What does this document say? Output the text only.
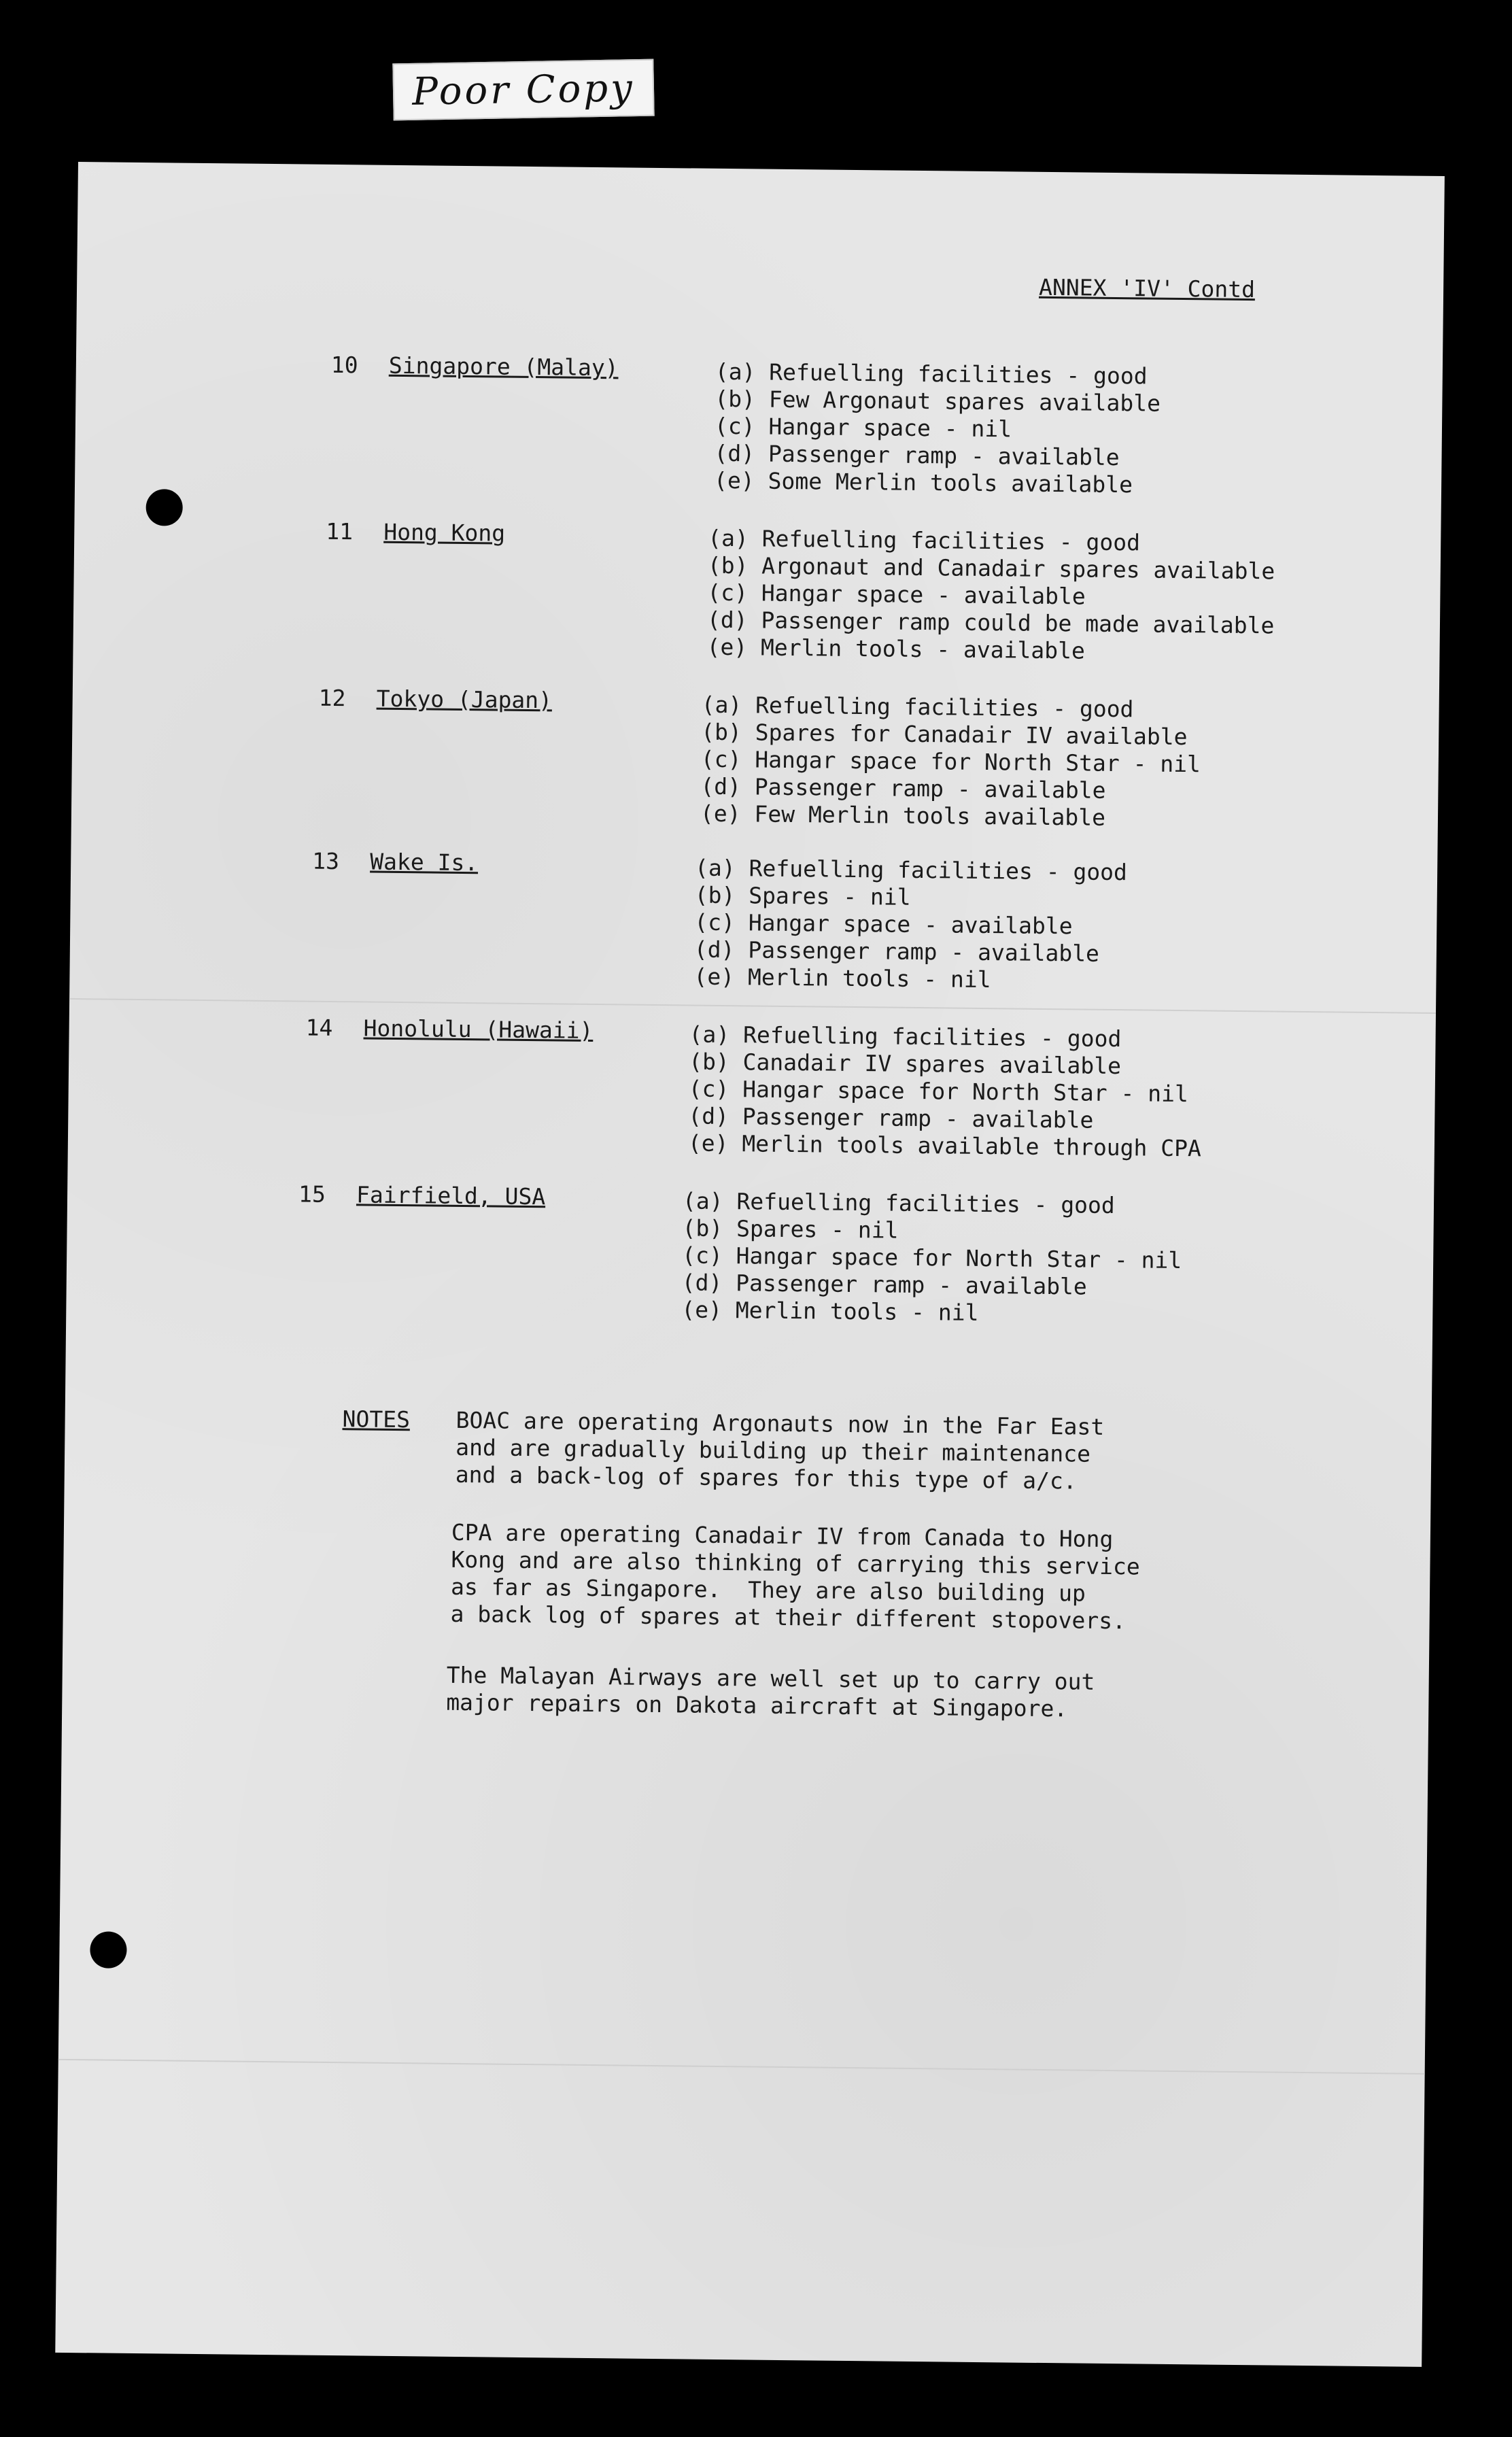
Poor Copy
ANNEX 'IV' Contd
10 Singapore (Malay)	(a) Refuelling facilities - good
(b) Few Argonaut spares available
(c) Hangar space - nil
(d) Passenger ramp - available
(e) Some Merlin tools available
11 Hong Kong	(a) Refuelling facilities - good
(b) Argonaut and Canadair spares available
(c) Hangar space - available
(d) Passenger ramp could be made available
(e) Merlin tools - available
12 Tokyo (Japan)	(a) Refuelling facilities - good
(b) Spares for Canadair IV available
(c) Hangar space for North Star - nil
(d) Passenger ramp - available
(e) Few Merlin tools available
13 Wake Is.	(a) Refuelling facilities - good
(b) Spares - nil
(c) Hangar space - available
(d) Passenger ramp - available
(e) Merlin tools - nil
14 Honolulu (Hawaii)	(a) Refuelling facilities - good
(b) Canadair IV spares available
(c) Hangar space for North Star - nil
(d) Passenger ramp - available
(e) Merlin tools available through CPA
15 Fairfield, USA	(a) Refuelling facilities - good
(b) Spares - nil
(c) Hangar space for North Star - nil
(d) Passenger ramp - available
(e) Merlin tools - nil
NOTES BOAC are operating Argonauts now in the Far East
and are gradually building up their maintenance
and a back-log of spares for this type of a/c.
CPA are operating Canadair IV from Canada to Hong
Kong and are also thinking of carrying this service
as far as Singapore.  They are also building up
a back log of spares at their different stopovers.
The Malayan Airways are well set up to carry out
major repairs on Dakota aircraft at Singapore.
